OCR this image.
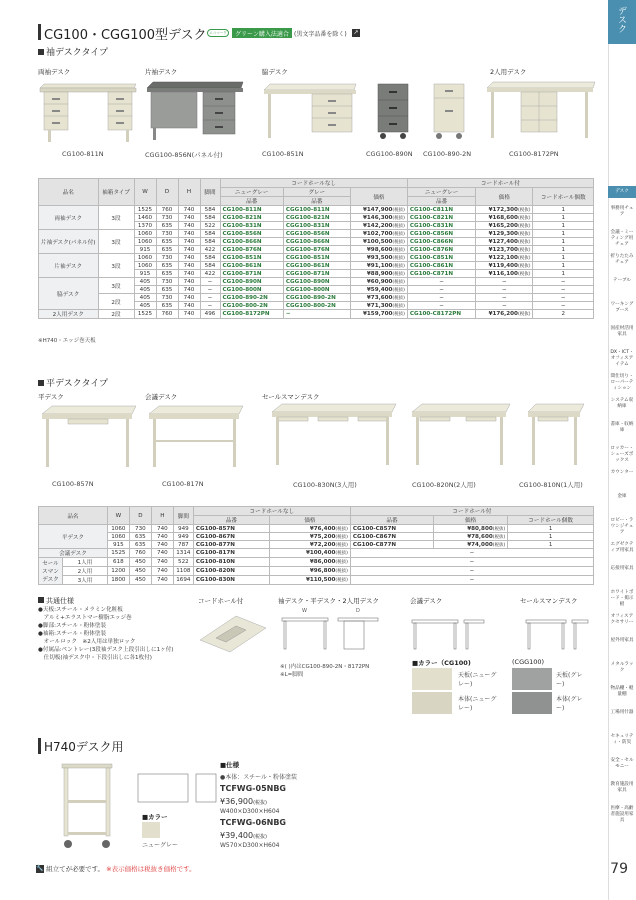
CG100・CGG100型デスク エコマーク	グリーン購入法適合 (黒文字品番を除く) ↗
袖デスクタイプ
両袖デスク	片袖デスク	脇デスク	2人用デスク
CG100-811N	CGG100-856N(パネル付)	CG100-851N	CGG100-890N CG100-890-2N	CG100-8172PN
品名	袖箱タイプ	W	D	H	脚間	コードホールなし			コードホール付		
						ニューグレー	グレー	価格	ニューグレー	価格	コードホール個数
						品番	品番		品番		
両袖デスク	3段	1525	760	740	584	CG100-811N	CGG100-811N	¥147,900(税抜)	CG100-C811N	¥172,300(税抜)	1
		1460	730	740	584	CG100-821N	CGG100-821N	¥146,300(税抜)	CG100-C821N	¥168,600(税抜)	1
		1370	635	740	522	CG100-831N	CGG100-831N	¥142,200(税抜)	CG100-C831N	¥165,200(税抜)	1
片袖デスク(パネル付)	3段	1060	730	740	584	CG100-856N	CGG100-856N	¥102,700(税抜)	CG100-C856N	¥129,300(税抜)	1
		1060	635	740	584	CG100-866N	CGG100-866N	¥100,500(税抜)	CG100-C866N	¥127,400(税抜)	1
		915	635	740	422	CG100-876N	CGG100-876N	¥98,600(税抜)	CG100-C876N	¥123,700(税抜)	1
片袖デスク	3段	1060	730	740	584	CG100-851N	CGG100-851N	¥93,500(税抜)	CG100-C851N	¥122,100(税抜)	1
		1060	635	740	584	CG100-861N	CGG100-861N	¥91,100(税抜)	CG100-C861N	¥119,400(税抜)	1
		915	635	740	422	CG100-871N	CGG100-871N	¥88,900(税抜)	CG100-C871N	¥116,100(税抜)	1
脇デスク	3段	405	730	740	−	CG100-890N	CGG100-890N	¥60,900(税抜)	−	−	−
		405	635	740	−	CG100-800N	CGG100-800N	¥59,400(税抜)	−	−	−
	2段	405	730	740	−	CG100-890-2N	CGG100-890-2N	¥73,600(税抜)	−	−	−
		405	635	740	−	CG100-800-2N	CGG100-800-2N	¥71,300(税抜)	−	−	−
2人用デスク	2段	1525	760	740	496	CG100-8172PN	−	¥159,700(税抜)	CG100-C8172PN	¥176,200(税抜)	2
※H740・エッジ巻天板
平デスクタイプ
平デスク	会議デスク	セールスマンデスク
CG100-857N	CG100-817N	CG100-830N(3人用)	CG100-820N(2人用)	CG100-810N(1人用)
品名		W	D	H	脚間	コードホールなし		コードホール付		
						品番	価格	品番	価格	コードホール個数
平デスク		1060	730	740	949	CG100-857N	¥76,400(税抜)	CG100-C857N	¥80,800(税抜)	1
		1060	635	740	949	CG100-867N	¥75,200(税抜)	CG100-C867N	¥78,600(税抜)	1
		915	635	740	787	CG100-877N	¥72,200(税抜)	CG100-C877N	¥74,000(税抜)	1
会議デスク		1525	760	740	1314	CG100-817N	¥100,400(税抜)	−		
セールスマンデスク	1人用	618	450	740	522	CG100-810N	¥86,000(税抜)	−		
	2人用	1200	450	740	1108	CG100-820N	¥96,800(税抜)	−		
	3人用	1800	450	740	1694	CG100-830N	¥110,500(税抜)	−		
共通仕様
●天板:スチール・メラミン化粧板
　アルミ+エラストマー樹脂エッジ巻
●脚部:スチール・粉体塗装
●袖箱:スチール・粉体塗装
　オールロック　※2人用は単独ロック
●付属品:ペントレー(3段袖デスク上段引出しに1ヶ付)
　仕切板(袖デスク中・下段引出しに各1枚付)
コードホール付	袖デスク・平デスク・2人用デスク
W	D
※( )内はCG100-890-2N・8172PN
※L=脚間
会議デスク	セールスマンデスク
■カラー（CG100)	(CGG100)
天板(ニューグレー)
本体(ニューグレー)
天板(グレー)
本体(グレー)
H740デスク用
■カラー
ニューグレー
■仕様
●本体：スチール・粉体塗装
TCFWG-05NBG
¥36,900(税抜)
W400×D300×H604
TCFWG-06NBG
¥39,400(税抜)
W570×D300×H604
🔧 組立てが必要です。 ※表示価格は税抜き価格です。
デスク
デスク
事務用チェア
会議・ミーティング用チェア
折りたたみチェア
テーブル
ワーキングブース
国産材活用家具
DX・ICT・オフィスアイテム
間仕切り・ローパーティション
システム収納庫
書庫・収納庫
ロッカー・シューズボックス
カウンター
金庫
ロビー・ラウンジチェア
エグゼクティブ用家具
応接用家具
ホワイトボード・掲示板
オフィスアクセサリー
屋外用家具
メタルラック
物品棚・軽量棚
工場用什器
セキュリティ・防災
安全・セルモニー
教育施設用家具
医療・高齢者施設用家具
79
